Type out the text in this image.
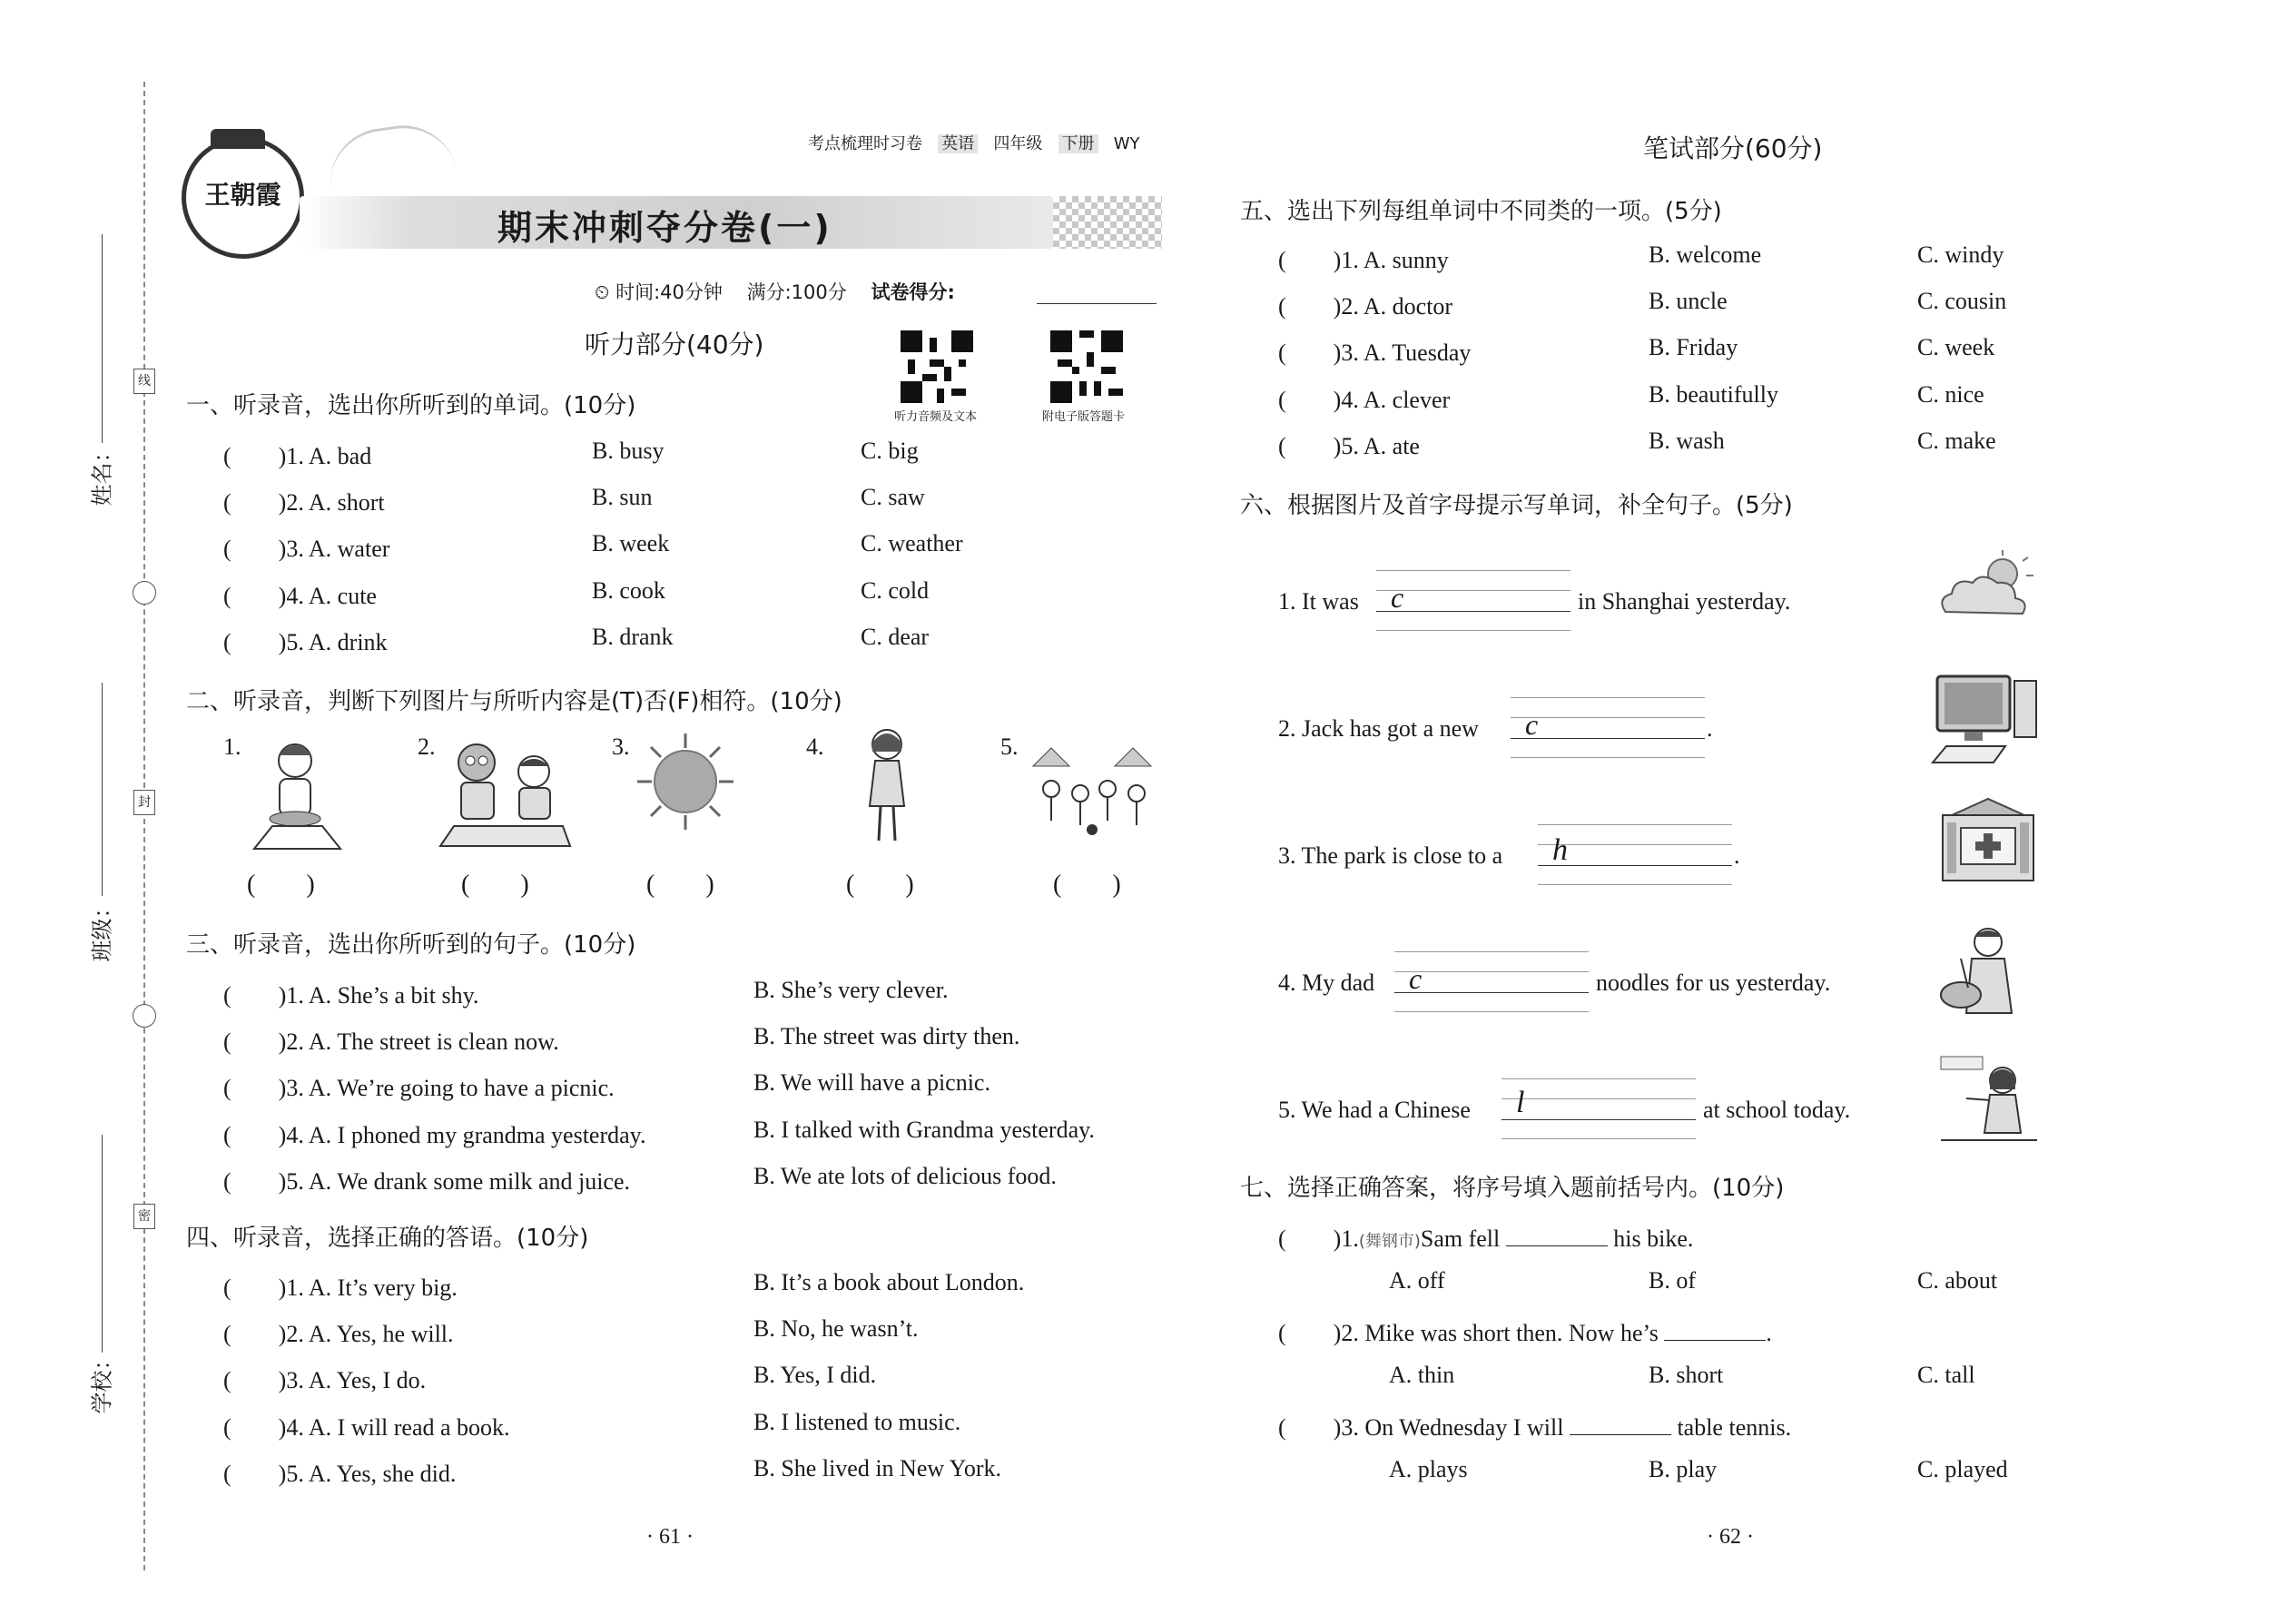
姓名：
班级：
学校：
线
封
密
王朝霞
期末冲刺夺分卷(一)
考点梳理时习卷 英语 四年级 下册 WY
⏲ 时间:40分钟 满分:100分 试卷得分:
听力部分(40分)
听力音频及文本	附电子版答题卡
一、听录音，选出你所听到的单词。(10分)
(　　)1. A. bad	B. busy	C. big
(　　)2. A. short	B. sun	C. saw
(　　)3. A. water	B. week	C. weather
(　　)4. A. cute	B. cook	C. cold
(　　)5. A. drink	B. drank	C. dear
二、听录音，判断下列图片与所听内容是(T)否(F)相符。(10分)
1.	2.	3.	4.	5.
(　　)	(　　)	(　　)	(　　)	(　　)
三、听录音，选出你所听到的句子。(10分)
(　　)1. A. She’s a bit shy.	B. She’s very clever.
(　　)2. A. The street is clean now.	B. The street was dirty then.
(　　)3. A. We’re going to have a picnic.	B. We will have a picnic.
(　　)4. A. I phoned my grandma yesterday.	B. I talked with Grandma yesterday.
(　　)5. A. We drank some milk and juice.	B. We ate lots of delicious food.
四、听录音，选择正确的答语。(10分)
(　　)1. A. It’s very big.	B. It’s a book about London.
(　　)2. A. Yes, he will.	B. No, he wasn’t.
(　　)3. A. Yes, I do.	B. Yes, I did.
(　　)4. A. I will read a book.	B. I listened to music.
(　　)5. A. Yes, she did.	B. She lived in New York.
· 61 ·
笔试部分(60分)
五、选出下列每组单词中不同类的一项。(5分)
(　　)1. A. sunny	B. welcome	C. windy
(　　)2. A. doctor	B. uncle	C. cousin
(　　)3. A. Tuesday	B. Friday	C. week
(　　)4. A. clever	B. beautifully	C. nice
(　　)5. A. ate	B. wash	C. make
六、根据图片及首字母提示写单词，补全句子。(5分)
1. It was c	in Shanghai yesterday.
2. Jack has got a new c	.
3. The park is close to a h	.
4. My dad c	noodles for us yesterday.
5. We had a Chinese l	at school today.
七、选择正确答案，将序号填入题前括号内。(10分)
(　　)1.(舞钢市)Sam fell	his bike.
A. off	B. of	C. about
(　　)2. Mike was short then. Now he’s	.
A. thin	B. short	C. tall
(　　)3. On Wednesday I will	table tennis.
A. plays	B. play	C. played
· 62 ·
